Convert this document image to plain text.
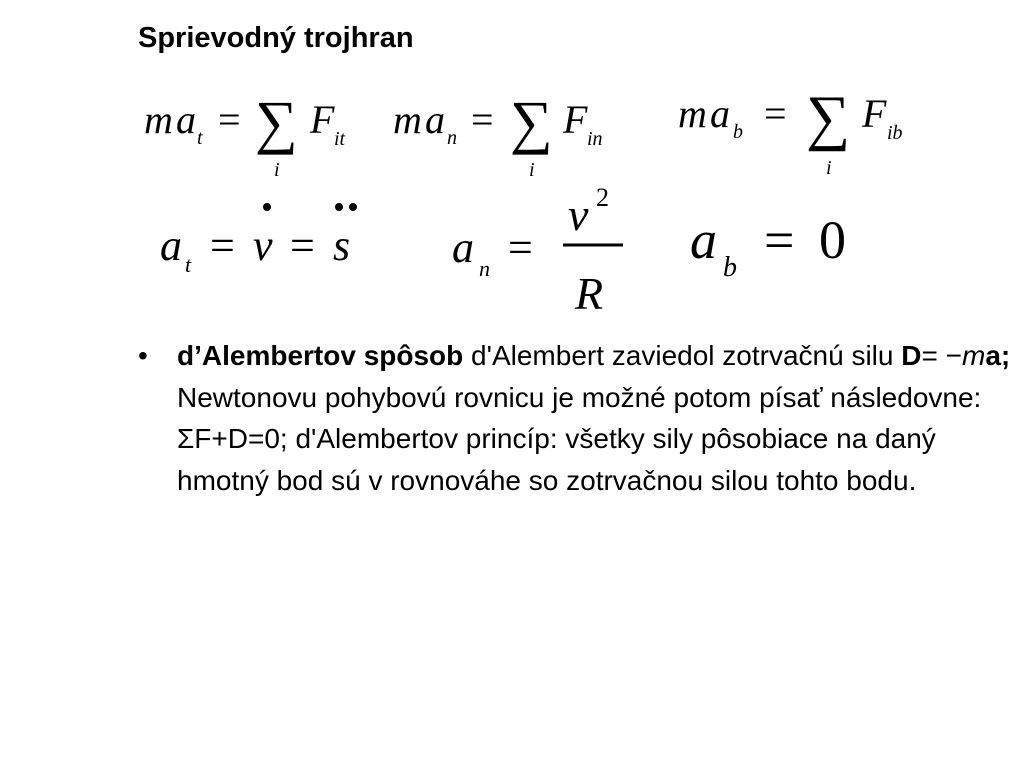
Sprievodný trojhran
m a t = ∑
i
F it m a n = ∑
i
F in
m a b = ∑
i
F ib
a t = v = s a n =
v 2
R
a b = 0
•	d’Alembertov spôsob d'Alembert zaviedol zotrvačnú silu D= −ma; Newtonovu pohybovú rovnicu je možné potom písať následovne: ΣF+D=0; d'Alembertov princíp: všetky sily pôsobiace na daný hmotný bod sú v rovnováhe so zotrvačnou silou tohto bodu.
